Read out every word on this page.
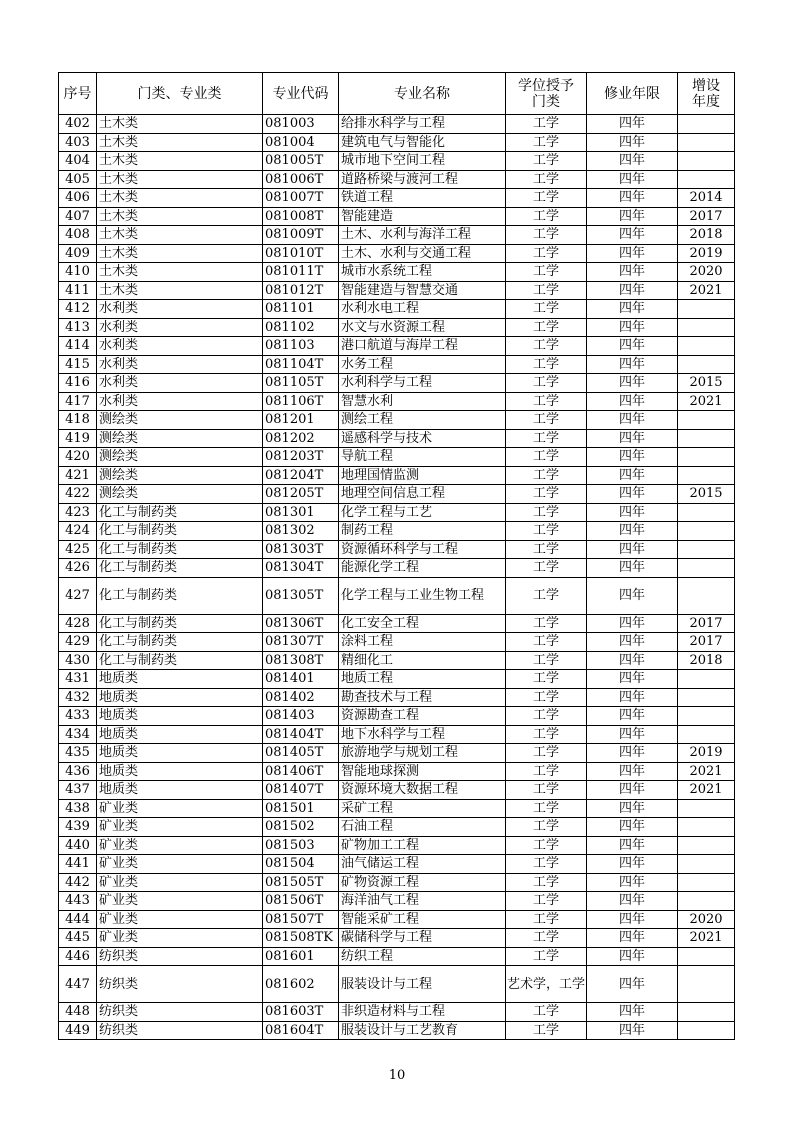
序号	门类、专业类	专业代码	专业名称	学位授予门类	修业年限	增设年度
402	土木类	081003	给排水科学与工程	工学	四年	
403	土木类	081004	建筑电气与智能化	工学	四年	
404	土木类	081005T	城市地下空间工程	工学	四年	
405	土木类	081006T	道路桥梁与渡河工程	工学	四年	
406	土木类	081007T	铁道工程	工学	四年	2014
407	土木类	081008T	智能建造	工学	四年	2017
408	土木类	081009T	土木、水利与海洋工程	工学	四年	2018
409	土木类	081010T	土木、水利与交通工程	工学	四年	2019
410	土木类	081011T	城市水系统工程	工学	四年	2020
411	土木类	081012T	智能建造与智慧交通	工学	四年	2021
412	水利类	081101	水利水电工程	工学	四年	
413	水利类	081102	水文与水资源工程	工学	四年	
414	水利类	081103	港口航道与海岸工程	工学	四年	
415	水利类	081104T	水务工程	工学	四年	
416	水利类	081105T	水利科学与工程	工学	四年	2015
417	水利类	081106T	智慧水利	工学	四年	2021
418	测绘类	081201	测绘工程	工学	四年	
419	测绘类	081202	遥感科学与技术	工学	四年	
420	测绘类	081203T	导航工程	工学	四年	
421	测绘类	081204T	地理国情监测	工学	四年	
422	测绘类	081205T	地理空间信息工程	工学	四年	2015
423	化工与制药类	081301	化学工程与工艺	工学	四年	
424	化工与制药类	081302	制药工程	工学	四年	
425	化工与制药类	081303T	资源循环科学与工程	工学	四年	
426	化工与制药类	081304T	能源化学工程	工学	四年	
427	化工与制药类	081305T	化学工程与工业生物工程	工学	四年	
428	化工与制药类	081306T	化工安全工程	工学	四年	2017
429	化工与制药类	081307T	涂料工程	工学	四年	2017
430	化工与制药类	081308T	精细化工	工学	四年	2018
431	地质类	081401	地质工程	工学	四年	
432	地质类	081402	勘查技术与工程	工学	四年	
433	地质类	081403	资源勘查工程	工学	四年	
434	地质类	081404T	地下水科学与工程	工学	四年	
435	地质类	081405T	旅游地学与规划工程	工学	四年	2019
436	地质类	081406T	智能地球探测	工学	四年	2021
437	地质类	081407T	资源环境大数据工程	工学	四年	2021
438	矿业类	081501	采矿工程	工学	四年	
439	矿业类	081502	石油工程	工学	四年	
440	矿业类	081503	矿物加工工程	工学	四年	
441	矿业类	081504	油气储运工程	工学	四年	
442	矿业类	081505T	矿物资源工程	工学	四年	
443	矿业类	081506T	海洋油气工程	工学	四年	
444	矿业类	081507T	智能采矿工程	工学	四年	2020
445	矿业类	081508TK	碳储科学与工程	工学	四年	2021
446	纺织类	081601	纺织工程	工学	四年	
447	纺织类	081602	服装设计与工程	艺术学，工学	四年	
448	纺织类	081603T	非织造材料与工程	工学	四年	
449	纺织类	081604T	服装设计与工艺教育	工学	四年	
10
